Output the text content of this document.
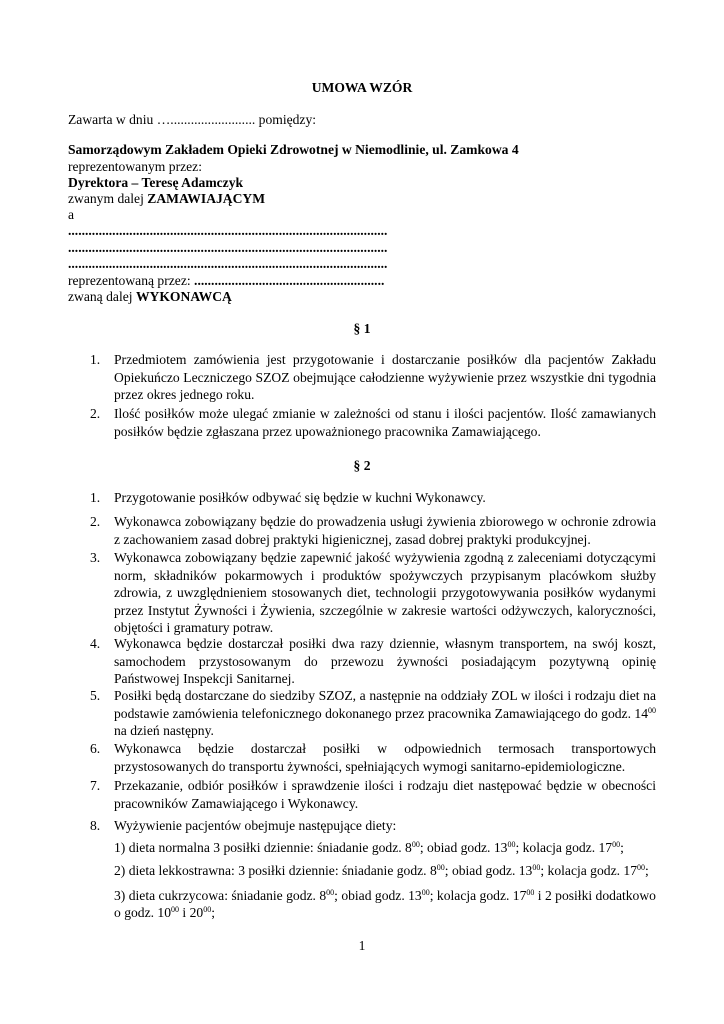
UMOWA WZÓR
Zawarta w dniu …......................... pomiędzy:
Samorządowym Zakładem Opieki Zdrowotnej w Niemodlinie, ul. Zamkowa 4
reprezentowanym przez:
Dyrektora – Teresę Adamczyk
zwanym dalej ZAMAWIAJĄCYM
a
..............................................................................................
..............................................................................................
..............................................................................................
reprezentowaną przez: ........................................................
zwaną dalej WYKONAWCĄ
§ 1
1. Przedmiotem zamówienia jest przygotowanie i dostarczanie posiłków dla pacjentów Zakładu Opiekuńczo Leczniczego SZOZ obejmujące całodzienne wyżywienie przez wszystkie dni tygodnia przez okres jednego roku.
2. Ilość posiłków może ulegać zmianie w zależności od stanu i ilości pacjentów. Ilość zamawianych posiłków będzie zgłaszana przez upoważnionego pracownika Zamawiającego.
§ 2
1. Przygotowanie posiłków odbywać się będzie w kuchni Wykonawcy.
2. Wykonawca zobowiązany będzie do prowadzenia usługi żywienia zbiorowego w ochronie zdrowia z zachowaniem zasad dobrej praktyki higienicznej, zasad dobrej praktyki produkcyjnej.
3. Wykonawca zobowiązany będzie zapewnić jakość wyżywienia zgodną z zaleceniami dotyczącymi norm, składników pokarmowych i produktów spożywczych przypisanym placówkom służby zdrowia, z uwzględnieniem stosowanych diet, technologii przygotowywania posiłków wydanymi przez Instytut Żywności i Żywienia, szczególnie w zakresie wartości odżywczych, kaloryczności, objętości i gramatury potraw.
4. Wykonawca będzie dostarczał posiłki dwa razy dziennie, własnym transportem, na swój koszt, samochodem przystosowanym do przewozu żywności posiadającym pozytywną opinię Państwowej Inspekcji Sanitarnej.
5. Posiłki będą dostarczane do siedziby SZOZ, a następnie na oddziały ZOL w ilości i rodzaju diet na podstawie zamówienia telefonicznego dokonanego przez pracownika Zamawiającego do godz. $14^{00}$ na dzień następny.
6. Wykonawca będzie dostarczał posiłki w odpowiednich termosach transportowych przystosowanych do transportu żywności, spełniających wymogi sanitarno-epidemiologiczne.
7. Przekazanie, odbiór posiłków i sprawdzenie ilości i rodzaju diet następować będzie w obecności pracowników Zamawiającego i Wykonawcy.
8. Wyżywienie pacjentów obejmuje następujące diety:
1) dieta normalna 3 posiłki dziennie: śniadanie godz. $8^{00}$; obiad godz. $13^{00}$; kolacja godz. $17^{00}$;
2) dieta lekkostrawna: 3 posiłki dziennie: śniadanie godz. $8^{00}$; obiad godz. $13^{00}$; kolacja godz. $17^{00}$;
3) dieta cukrzycowa: śniadanie godz. $8^{00}$; obiad godz. $13^{00}$; kolacja godz. $17^{00}$ i 2 posiłki dodatkowo
o godz. $10^{00}$ i $20^{00}$;
1
